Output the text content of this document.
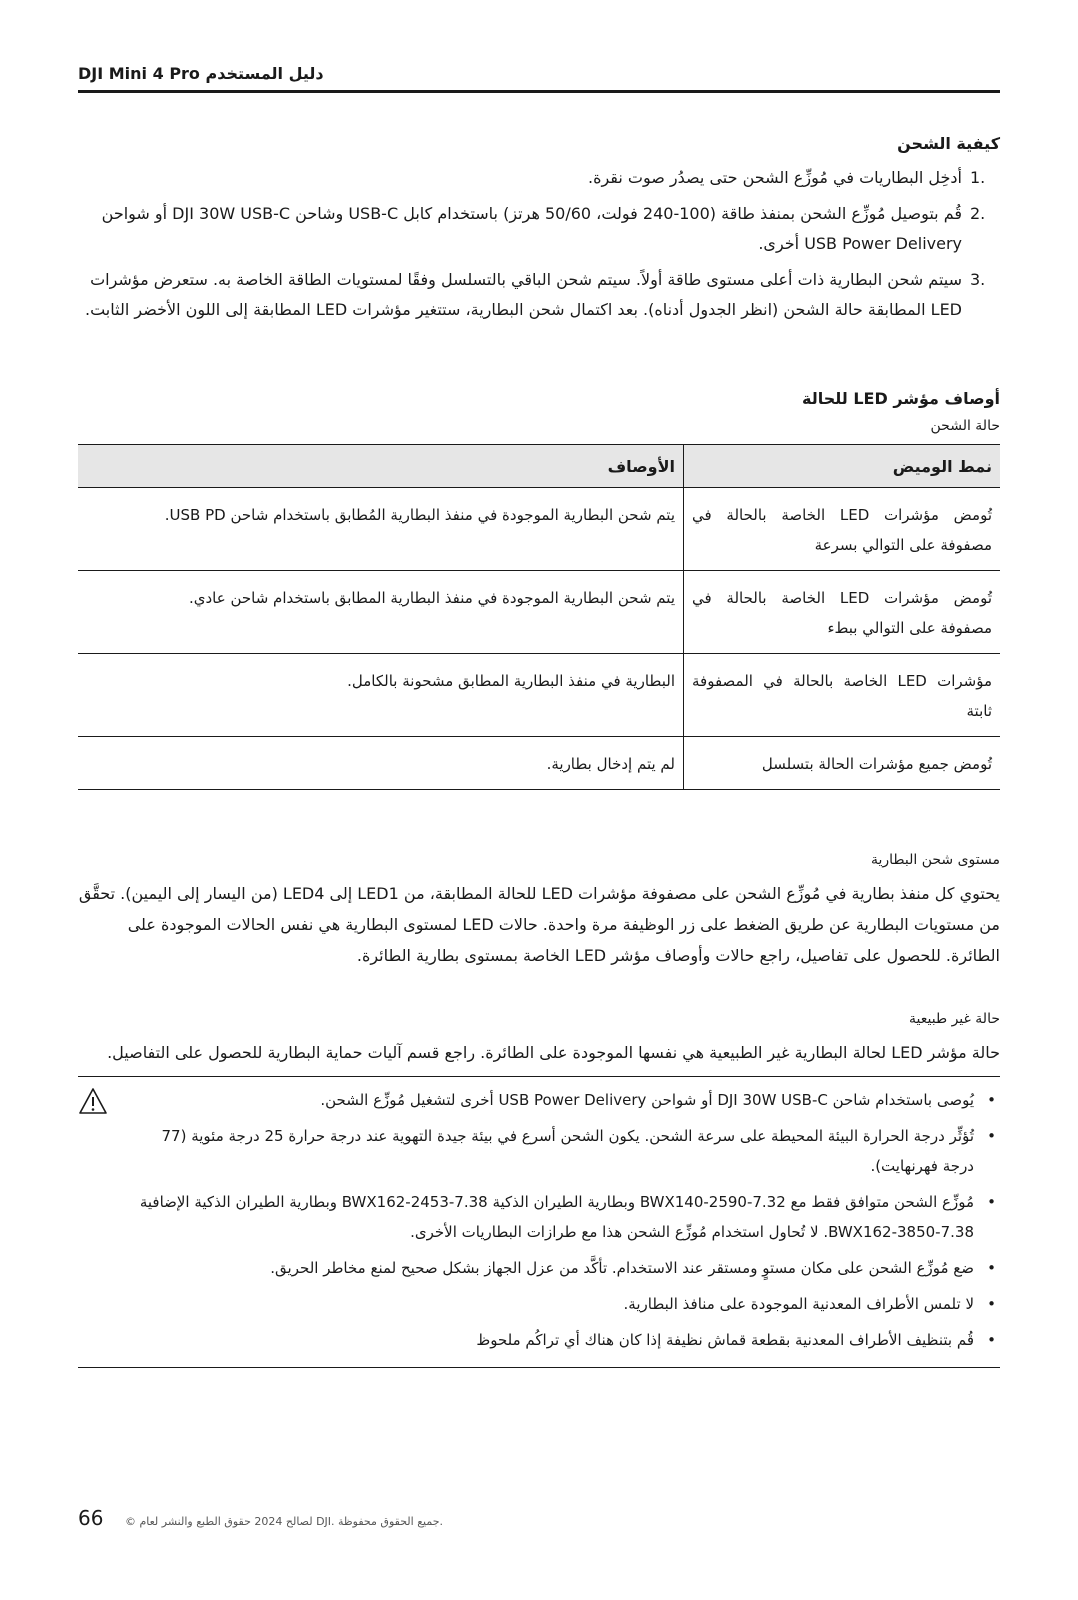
DJI Mini 4 Pro دليل المستخدم
كيفية الشحن
1.
أدخِل البطاريات في مُوزِّع الشحن حتى يصدُر صوت نقرة.
2.
قُم بتوصيل مُوزِّع الشحن بمنفذ طاقة (100-240 فولت، 50/60 هرتز) باستخدام كابل USB-C وشاحن DJI 30W USB-C أو شواحن USB Power Delivery أخرى.
3.
سيتم شحن البطارية ذات أعلى مستوى طاقة أولاً. سيتم شحن الباقي بالتسلسل وفقًا لمستويات الطاقة الخاصة به. ستعرض مؤشرات LED المطابقة حالة الشحن (انظر الجدول أدناه). بعد اكتمال شحن البطارية، ستتغير مؤشرات LED المطابقة إلى اللون الأخضر الثابت.
أوصاف مؤشر LED للحالة
حالة الشحن
نمط الوميض	الأوصاف
تُومض مؤشرات LED الخاصة بالحالة في مصفوفة على التوالي بسرعة	يتم شحن البطارية الموجودة في منفذ البطارية المُطابق باستخدام شاحن USB PD.
تُومض مؤشرات LED الخاصة بالحالة في مصفوفة على التوالي ببطء	يتم شحن البطارية الموجودة في منفذ البطارية المطابق باستخدام شاحن عادي.
مؤشرات LED الخاصة بالحالة في المصفوفة ثابتة	البطارية في منفذ البطارية المطابق مشحونة بالكامل.
تُومض جميع مؤشرات الحالة بتسلسل	لم يتم إدخال بطارية.
مستوى شحن البطارية

يحتوي كل منفذ بطارية في مُوزِّع الشحن على مصفوفة مؤشرات LED للحالة المطابقة، من LED1 إلى LED4 (من اليسار إلى اليمين). تحقَّق من مستويات البطارية عن طريق الضغط على زر الوظيفة مرة واحدة. حالات LED لمستوى البطارية هي نفس الحالات الموجودة على الطائرة. للحصول على تفاصيل، راجع حالات وأوصاف مؤشر LED الخاصة بمستوى بطارية الطائرة.

حالة غير طبيعية

حالة مؤشر LED لحالة البطارية غير الطبيعية هي نفسها الموجودة على الطائرة. راجع قسم آليات حماية البطارية للحصول على التفاصيل.

•
يُوصى باستخدام شاحن DJI 30W USB-C أو شواحن USB Power Delivery أخرى لتشغيل مُوزِّع الشحن.
•
تُؤثِّر درجة الحرارة البيئة المحيطة على سرعة الشحن. يكون الشحن أسرع في بيئة جيدة التهوية عند درجة حرارة 25 درجة مئوية (77 درجة فهرنهايت).
•
مُوزِّع الشحن متوافق فقط مع BWX140-2590-7.32 وبطارية الطيران الذكية BWX162-2453-7.38 وبطارية الطيران الذكية الإضافية BWX162-3850-7.38. لا تُحاول استخدام مُوزِّع الشحن هذا مع طرازات البطاريات الأخرى.
•
ضع مُوزِّع الشحن على مكان مستوٍ ومستقر عند الاستخدام. تأكَّد من عزل الجهاز بشكل صحيح لمنع مخاطر الحريق.
•
لا تلمس الأطراف المعدنية الموجودة على منافذ البطارية.
•
قُم بتنظيف الأطراف المعدنية بقطعة قماش نظيفة إذا كان هناك أي تراكُم ملحوظ
66 © لصالح 2024 حقوق الطبع والنشر لعام DJI. جميع الحقوق محفوظة.
